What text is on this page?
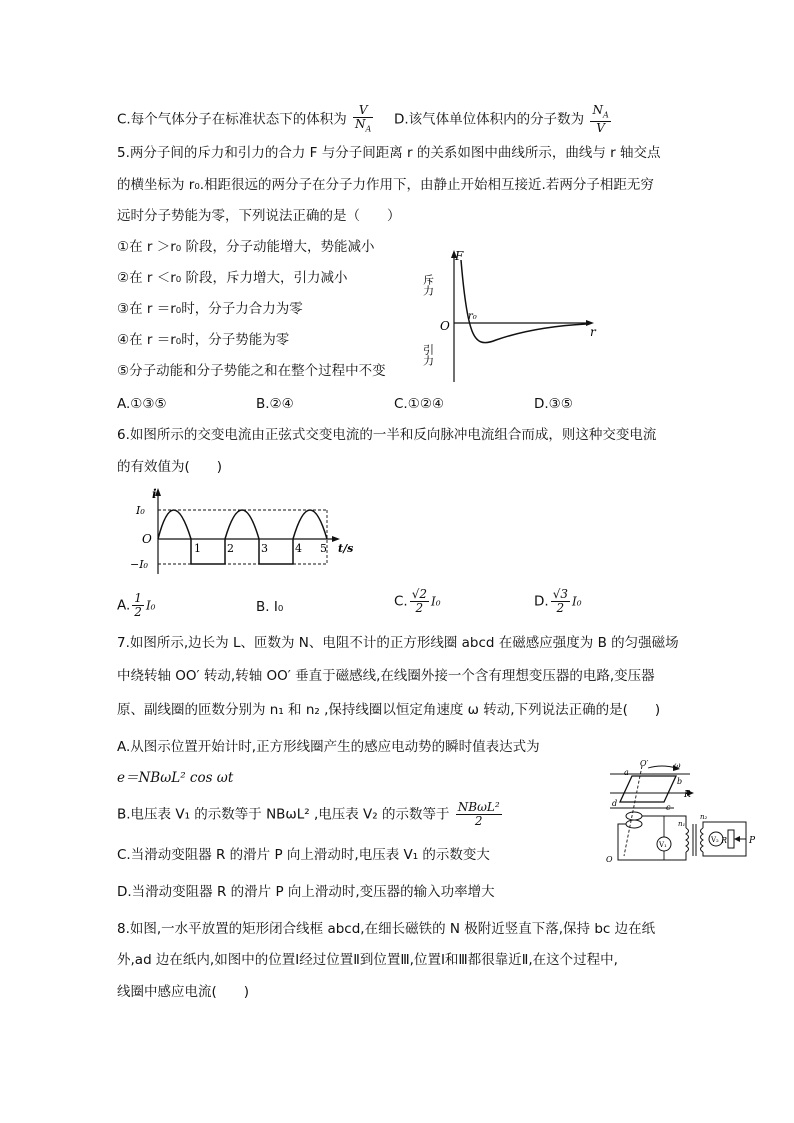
C.每个气体分子在标准状态下的体积为 $\frac{V}{N_A} D$.该气体单位体积内的分子数为 $\frac{N_A}{V}$
5.两分子间的斥力和引力的合力 F 与分子间距离 r 的关系如图中曲线所示，曲线与 r 轴交点
的横坐标为 r₀.相距很远的两分子在分子力作用下，由静止开始相互接近.若两分子相距无穷
远时分子势能为零，下列说法正确的是（　　）
①在 r ＞r₀ 阶段，分子动能增大，势能减小
②在 r ＜r₀ 阶段，斥力增大，引力减小
③在 r ＝r₀时，分子力合力为零
④在 r ＝r₀时，分子势能为零
⑤分子动能和分子势能之和在整个过程中不变
A.①③⑤	B.②④	C.①②④	D.③⑤
F
斥力
引力
O
r₀
r
6.如图所示的交变电流由正弦式交变电流的一半和反向脉冲电流组合而成，则这种交变电流
的有效值为(　　)
i
I₀
O
−I₀
1 2 3 4 5 t/s
A. $\frac{1}{2} I_0$	B. I₀	C. $\frac{√2}{2} I_0$	D. $\frac{√3}{2} I_0$
7.如图所示,边长为 L、匝数为 N、电阻不计的正方形线圈 abcd 在磁感应强度为 B 的匀强磁场
中绕转轴 OO′ 转动,转轴 OO′ 垂直于磁感线,在线圈外接一个含有理想变压器的电路,变压器
原、副线圈的匝数分别为 n₁ 和 n₂ ,保持线圈以恒定角速度 ω 转动,下列说法正确的是(　　)
A.从图示位置开始计时,正方形线圈产生的感应电动势的瞬时值表达式为
e＝NBωL² cos ωt
B.电压表 V₁ 的示数等于 NBωL² ,电压表 V₂ 的示数等于 $\frac{\text{NBωL²}}{2}$
C.当滑动变阻器 R 的滑片 P 向上滑动时,电压表 V₁ 的示数变大
D.当滑动变阻器 R 的滑片 P 向上滑动时,变压器的输入功率增大
O′	ω
a
b
c
d
O
R
n₁
n₂
V₁
V₂ R P
8.如图,一水平放置的矩形闭合线框 abcd,在细长磁铁的 N 极附近竖直下落,保持 bc 边在纸
外,ad 边在纸内,如图中的位置Ⅰ经过位置Ⅱ到位置Ⅲ,位置Ⅰ和Ⅲ都很靠近Ⅱ,在这个过程中,
线圈中感应电流(　　)
